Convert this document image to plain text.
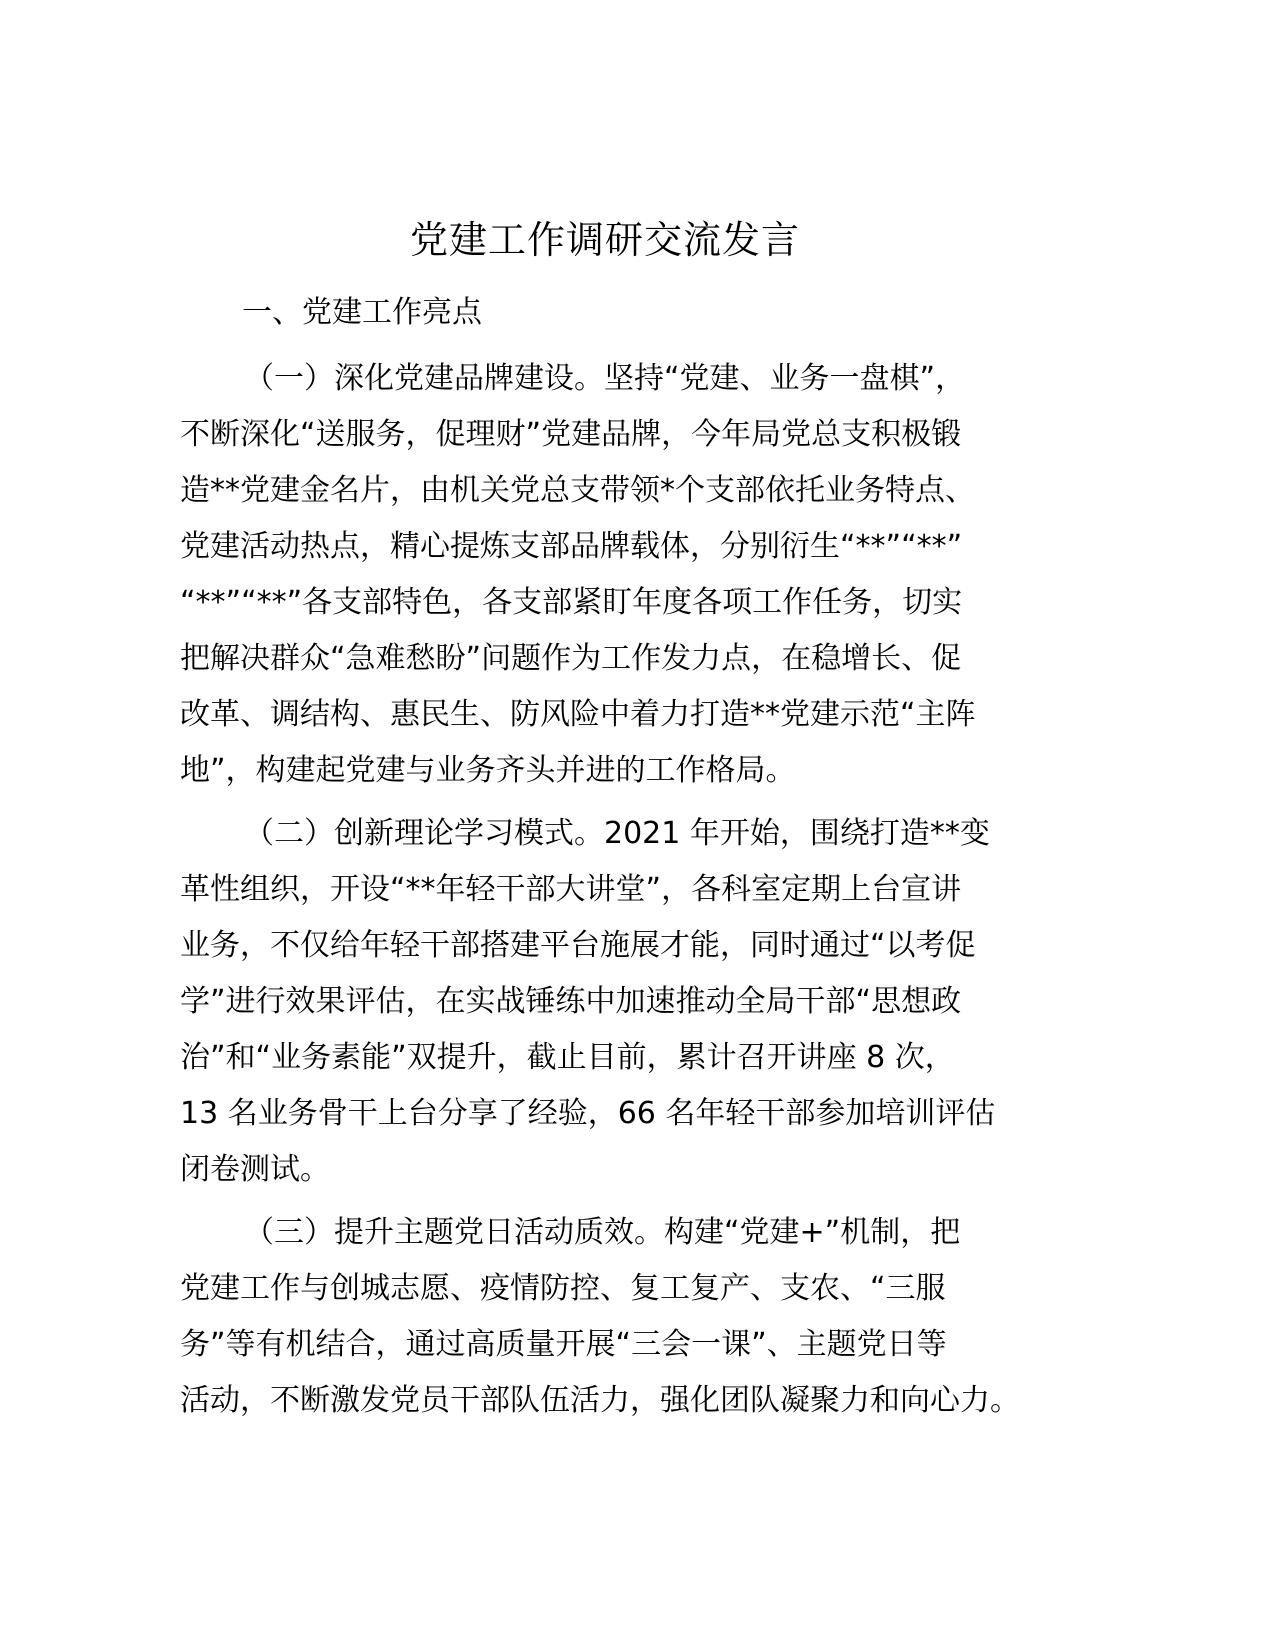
党建工作调研交流发言
一、党建工作亮点
（一）深化党建品牌建设。坚持“党建、业务一盘棋”，
不断深化“送服务，促理财”党建品牌，今年局党总支积极锻
造**党建金名片，由机关党总支带领*个支部依托业务特点、
党建活动热点，精心提炼支部品牌载体，分别衍生“**”“**”
“**”“**”各支部特色，各支部紧盯年度各项工作任务，切实
把解决群众“急难愁盼”问题作为工作发力点，在稳增长、促
改革、调结构、惠民生、防风险中着力打造**党建示范“主阵
地”，构建起党建与业务齐头并进的工作格局。
（二）创新理论学习模式。2021 年开始，围绕打造**变
革性组织，开设“**年轻干部大讲堂”，各科室定期上台宣讲
业务，不仅给年轻干部搭建平台施展才能，同时通过“以考促
学”进行效果评估，在实战锤练中加速推动全局干部“思想政
治”和“业务素能”双提升，截止目前，累计召开讲座 8 次，
13 名业务骨干上台分享了经验，66 名年轻干部参加培训评估
闭卷测试。
（三）提升主题党日活动质效。构建“党建+”机制，把
党建工作与创城志愿、疫情防控、复工复产、支农、“三服
务”等有机结合，通过高质量开展“三会一课”、主题党日等
活动，不断激发党员干部队伍活力，强化团队凝聚力和向心力。
